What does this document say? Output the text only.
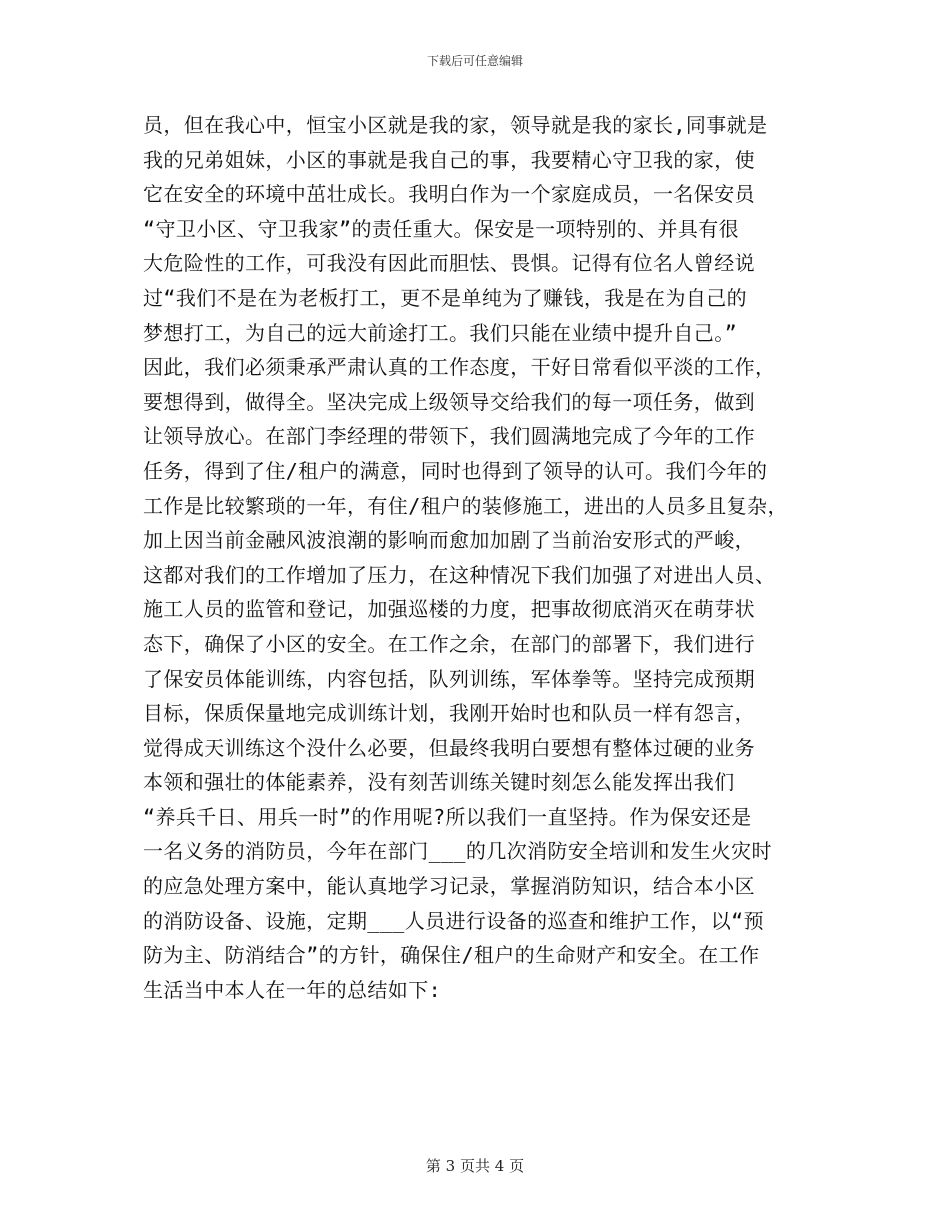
下载后可任意编辑
员，但在我心中，恒宝小区就是我的家，领导就是我的家长,同事就是
我的兄弟姐妹，小区的事就是我自己的事，我要精心守卫我的家，使
它在安全的环境中茁壮成长。我明白作为一个家庭成员，一名保安员
“守卫小区、守卫我家”的责任重大。保安是一项特别的、并具有很
大危险性的工作，可我没有因此而胆怯、畏惧。记得有位名人曾经说
过“我们不是在为老板打工，更不是单纯为了赚钱，我是在为自己的
梦想打工，为自己的远大前途打工。我们只能在业绩中提升自己。”
因此，我们必须秉承严肃认真的工作态度，干好日常看似平淡的工作，
要想得到，做得全。坚决完成上级领导交给我们的每一项任务，做到
让领导放心。在部门李经理的带领下，我们圆满地完成了今年的工作
任务，得到了住/租户的满意，同时也得到了领导的认可。我们今年的
工作是比较繁琐的一年，有住/租户的装修施工，进出的人员多且复杂，
加上因当前金融风波浪潮的影响而愈加加剧了当前治安形式的严峻，
这都对我们的工作增加了压力，在这种情况下我们加强了对进出人员、
施工人员的监管和登记，加强巡楼的力度，把事故彻底消灭在萌芽状
态下，确保了小区的安全。在工作之余，在部门的部署下，我们进行
了保安员体能训练，内容包括，队列训练，军体拳等。坚持完成预期
目标，保质保量地完成训练计划，我刚开始时也和队员一样有怨言，
觉得成天训练这个没什么必要，但最终我明白要想有整体过硬的业务
本领和强壮的体能素养，没有刻苦训练关键时刻怎么能发挥出我们
“养兵千日、用兵一时”的作用呢?所以我们一直坚持。作为保安还是
一名义务的消防员，今年在部门___的几次消防安全培训和发生火灾时
的应急处理方案中，能认真地学习记录，掌握消防知识，结合本小区
的消防设备、设施，定期___人员进行设备的巡查和维护工作，以“预
防为主、防消结合”的方针，确保住/租户的生命财产和安全。在工作
生活当中本人在一年的总结如下:
第 3 页共 4 页
